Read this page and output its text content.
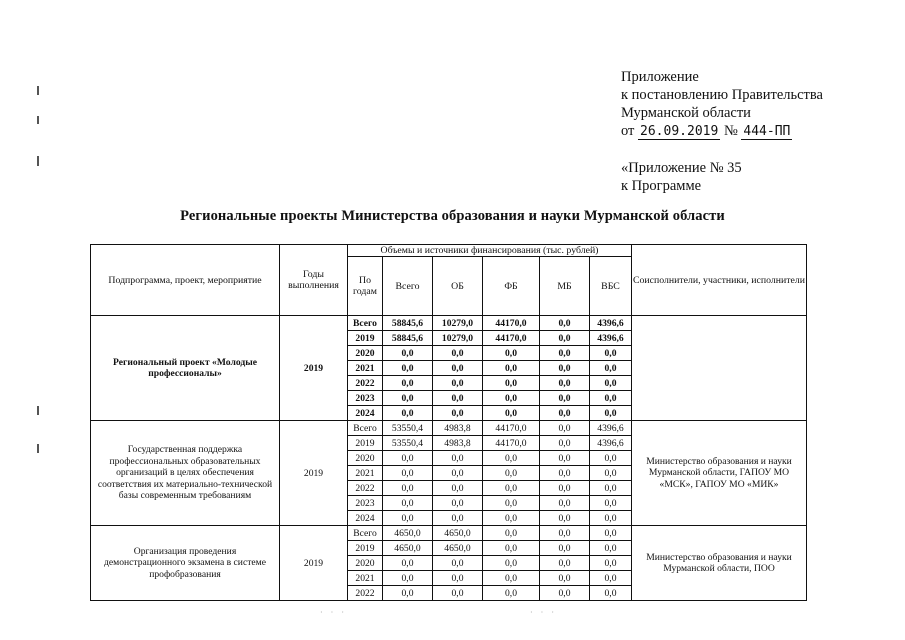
Приложение
к постановлению Правительства
Мурманской области
от 26.09.2019 № 444-ПП
«Приложение № 35
к Программе
Региональные проекты Министерства образования и науки Мурманской области
Подпрограмма, проект, мероприятие	Годы выполнения	Объемы и источники финансирования (тыс. рублей)						Соисполнители, участники, исполнители
		По годам	Всего	ОБ	ФБ	МБ	ВБС	
Региональный проект «Молодые профессионалы»	2019	Всего	58845,6	10279,0	44170,0	0,0	4396,6	
		2019	58845,6	10279,0	44170,0	0,0	4396,6	
		2020	0,0	0,0	0,0	0,0	0,0	
		2021	0,0	0,0	0,0	0,0	0,0	
		2022	0,0	0,0	0,0	0,0	0,0	
		2023	0,0	0,0	0,0	0,0	0,0	
		2024	0,0	0,0	0,0	0,0	0,0	
Государственная поддержка профессиональных образовательных организаций в целях обеспечения соответствия их материально-технической базы современным требованиям	2019	Всего	53550,4	4983,8	44170,0	0,0	4396,6	Министерство образования и науки Мурманской области, ГАПОУ МО «МСК», ГАПОУ МО «МИК»
		2019	53550,4	4983,8	44170,0	0,0	4396,6	
		2020	0,0	0,0	0,0	0,0	0,0	
		2021	0,0	0,0	0,0	0,0	0,0	
		2022	0,0	0,0	0,0	0,0	0,0	
		2023	0,0	0,0	0,0	0,0	0,0	
		2024	0,0	0,0	0,0	0,0	0,0	
Организация проведения демонстрационного экзамена в системе профобразования	2019	Всего	4650,0	4650,0	0,0	0,0	0,0	Министерство образования и науки Мурманской области, ПОО
		2019	4650,0	4650,0	0,0	0,0	0,0	
		2020	0,0	0,0	0,0	0,0	0,0	
		2021	0,0	0,0	0,0	0,0	0,0	
		2022	0,0	0,0	0,0	0,0	0,0	
· · ·	· · ·
